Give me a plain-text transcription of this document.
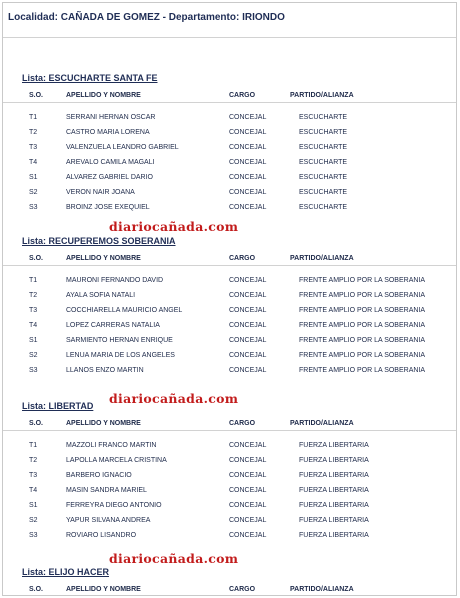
Localidad: CAÑADA DE GOMEZ - Departamento: IRIONDO
Lista: ESCUCHARTE SANTA FE
S.O.	APELLIDO Y NOMBRE	CARGO	PARTIDO/ALIANZA
T1	SERRANI HERNAN OSCAR	CONCEJAL	ESCUCHARTE
T2	CASTRO MARIA LORENA	CONCEJAL	ESCUCHARTE
T3	VALENZUELA LEANDRO GABRIEL	CONCEJAL	ESCUCHARTE
T4	AREVALO CAMILA MAGALI	CONCEJAL	ESCUCHARTE
S1	ALVAREZ GABRIEL DARIO	CONCEJAL	ESCUCHARTE
S2	VERON NAIR JOANA	CONCEJAL	ESCUCHARTE
S3	BROINZ JOSE EXEQUIEL	CONCEJAL	ESCUCHARTE
diariocañada.com
Lista: RECUPEREMOS SOBERANIA
S.O.	APELLIDO Y NOMBRE	CARGO	PARTIDO/ALIANZA
T1	MAURONI FERNANDO DAVID	CONCEJAL	FRENTE AMPLIO POR LA SOBERANIA
T2	AYALA SOFIA NATALI	CONCEJAL	FRENTE AMPLIO POR LA SOBERANIA
T3	COCCHIARELLA MAURICIO ANGEL	CONCEJAL	FRENTE AMPLIO POR LA SOBERANIA
T4	LOPEZ CARRERAS NATALIA	CONCEJAL	FRENTE AMPLIO POR LA SOBERANIA
S1	SARMIENTO HERNAN ENRIQUE	CONCEJAL	FRENTE AMPLIO POR LA SOBERANIA
S2	LENUA MARIA DE LOS ANGELES	CONCEJAL	FRENTE AMPLIO POR LA SOBERANIA
S3	LLANOS ENZO MARTIN	CONCEJAL	FRENTE AMPLIO POR LA SOBERANIA
diariocañada.com
Lista: LIBERTAD
S.O.	APELLIDO Y NOMBRE	CARGO	PARTIDO/ALIANZA
T1	MAZZOLI FRANCO MARTIN	CONCEJAL	FUERZA LIBERTARIA
T2	LAPOLLA MARCELA CRISTINA	CONCEJAL	FUERZA LIBERTARIA
T3	BARBERO IGNACIO	CONCEJAL	FUERZA LIBERTARIA
T4	MASIN SANDRA MARIEL	CONCEJAL	FUERZA LIBERTARIA
S1	FERREYRA DIEGO ANTONIO	CONCEJAL	FUERZA LIBERTARIA
S2	YAPUR SILVANA ANDREA	CONCEJAL	FUERZA LIBERTARIA
S3	ROVIARO LISANDRO	CONCEJAL	FUERZA LIBERTARIA
diariocañada.com
Lista: ELIJO HACER
S.O.	APELLIDO Y NOMBRE	CARGO	PARTIDO/ALIANZA
